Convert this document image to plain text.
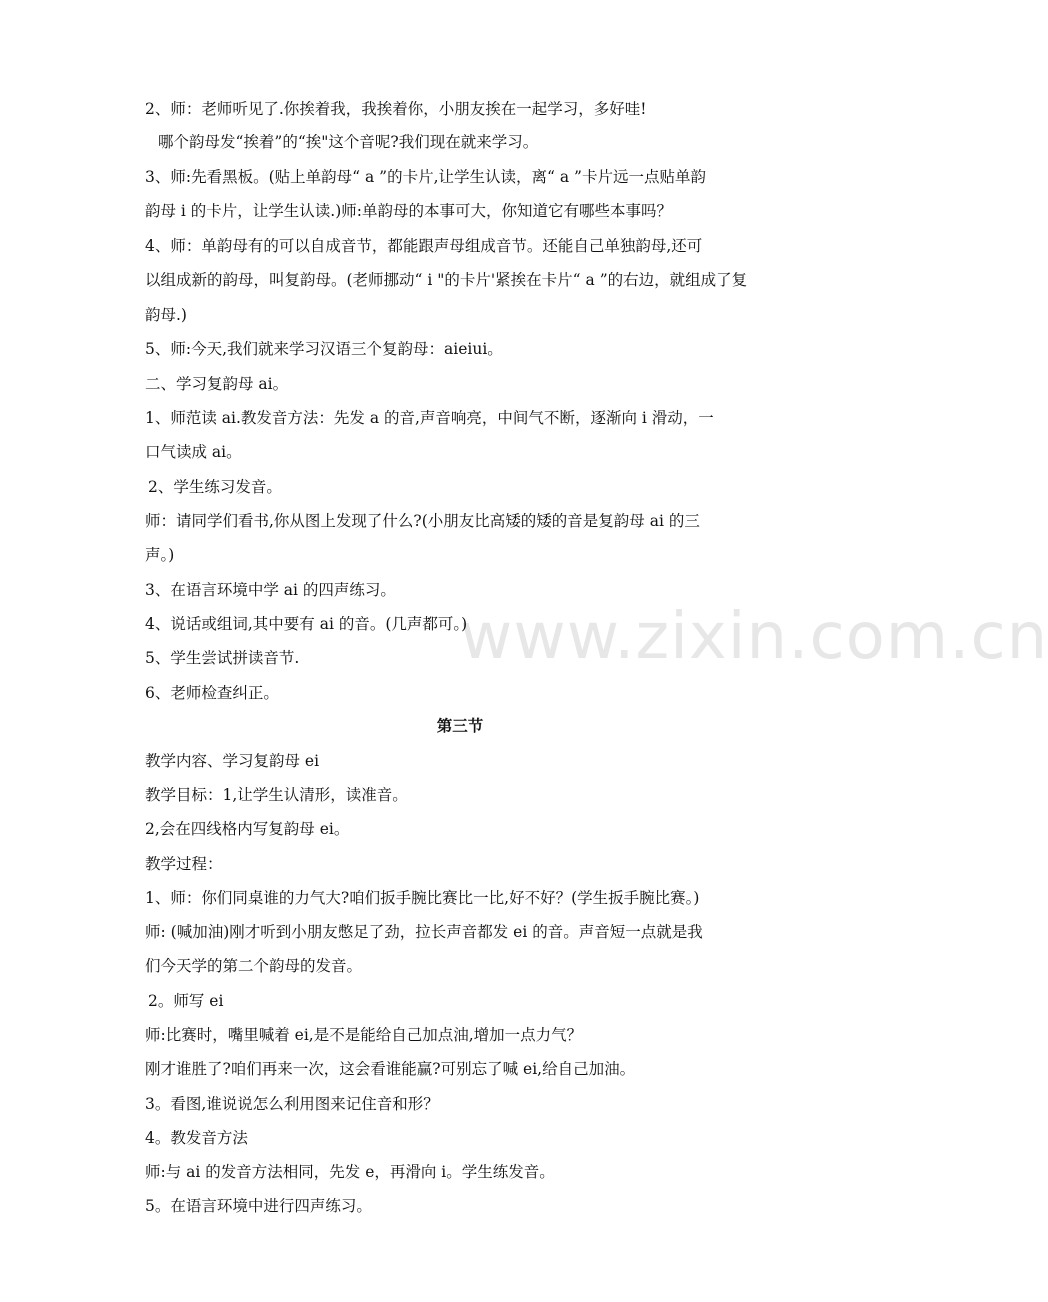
www.zixin.com.cn
2、师：老师听见了.你挨着我，我挨着你，小朋友挨在一起学习，多好哇!
哪个韵母发“挨着”的“挨"这个音呢?我们现在就来学习。
3、师:先看黑板。(贴上单韵母“ a ”的卡片,让学生认读，离“ a ”卡片远一点贴单韵
韵母 i 的卡片，让学生认读.)师:单韵母的本事可大，你知道它有哪些本事吗？
4、师：单韵母有的可以自成音节，都能跟声母组成音节。还能自己单独韵母,还可
以组成新的韵母，叫复韵母。(老师挪动“ i "的卡片'紧挨在卡片“ a ”的右边，就组成了复
韵母.)
5、师:今天,我们就来学习汉语三个复韵母：aieiui。
二、学习复韵母 ai。
1、师范读 ai.教发音方法：先发 a 的音,声音响亮，中间气不断，逐渐向 i 滑动，一
口气读成 ai。
2、学生练习发音。
师：请同学们看书,你从图上发现了什么?(小朋友比高矮的矮的音是复韵母 ai 的三
声。)
3、在语言环境中学 ai 的四声练习。
4、说话或组词,其中要有 ai 的音。(几声都可。)
5、学生尝试拼读音节.
6、老师检查纠正。
第三节
教学内容、学习复韵母 ei
教学目标：1,让学生认清形，读准音。
2,会在四线格内写复韵母 ei。
教学过程：
1、师：你们同桌谁的力气大?咱们扳手腕比赛比一比,好不好？(学生扳手腕比赛。)
师: (喊加油)刚才听到小朋友憋足了劲，拉长声音都发 ei 的音。声音短一点就是我
们今天学的第二个韵母的发音。
2。师写 ei
师:比赛时，嘴里喊着 ei,是不是能给自己加点油,增加一点力气？
刚才谁胜了?咱们再来一次，这会看谁能赢?可别忘了喊 ei,给自己加油。
3。看图,谁说说怎么利用图来记住音和形？
4。教发音方法
师:与 ai 的发音方法相同，先发 e，再滑向 i。学生练发音。
5。在语言环境中进行四声练习。
